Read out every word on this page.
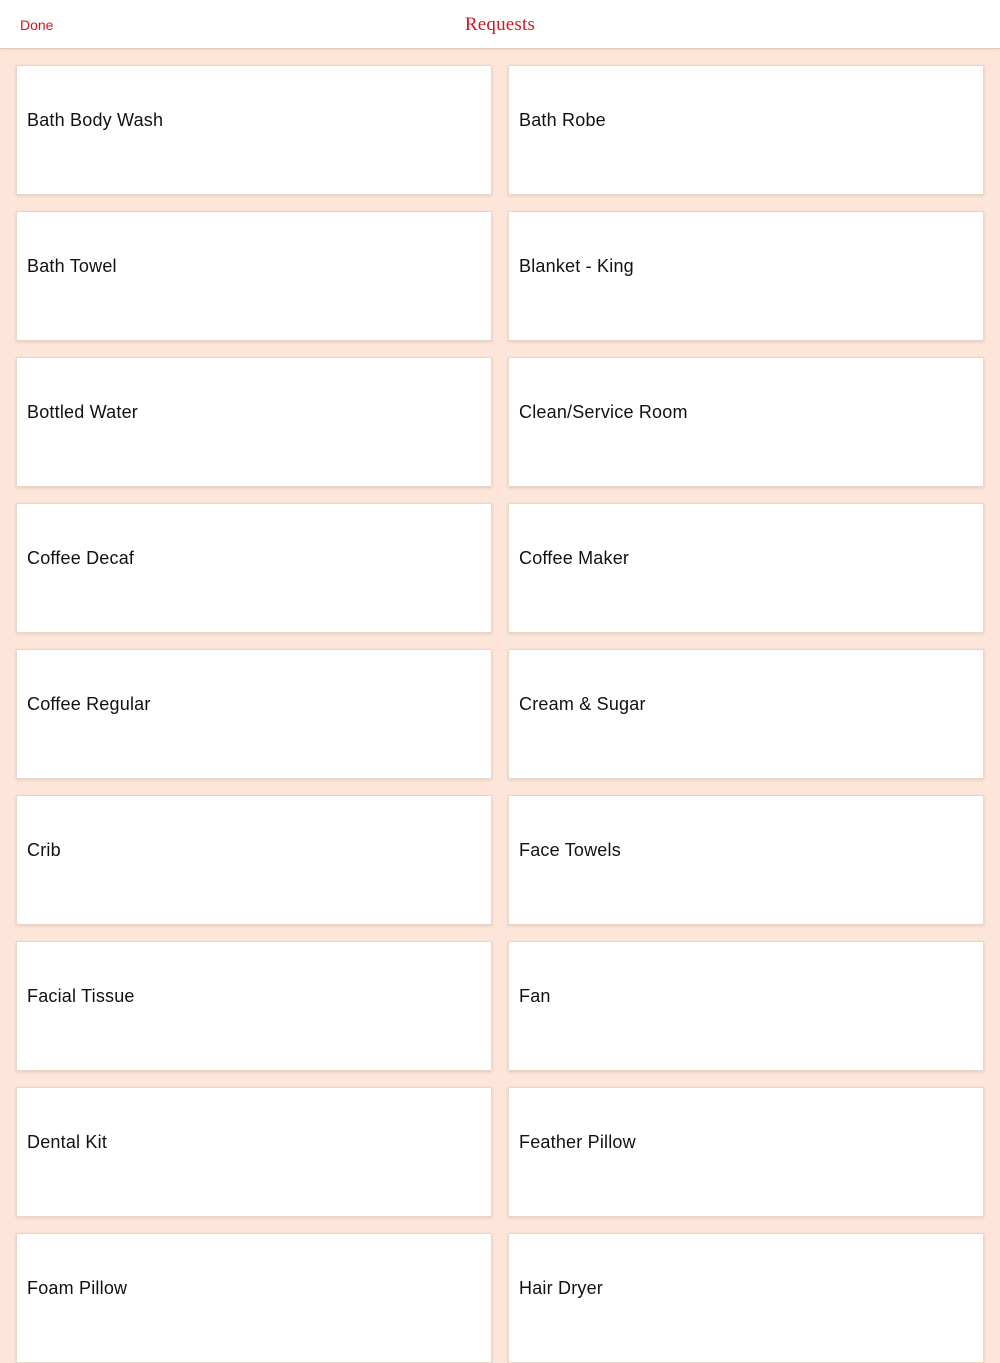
Done	Requests
Bath Body Wash	Bath Robe
Bath Towel	Blanket - King
Bottled Water	Clean/Service Room
Coffee Decaf	Coffee Maker
Coffee Regular	Cream & Sugar
Crib	Face Towels
Facial Tissue	Fan
Dental Kit	Feather Pillow
Foam Pillow	Hair Dryer
